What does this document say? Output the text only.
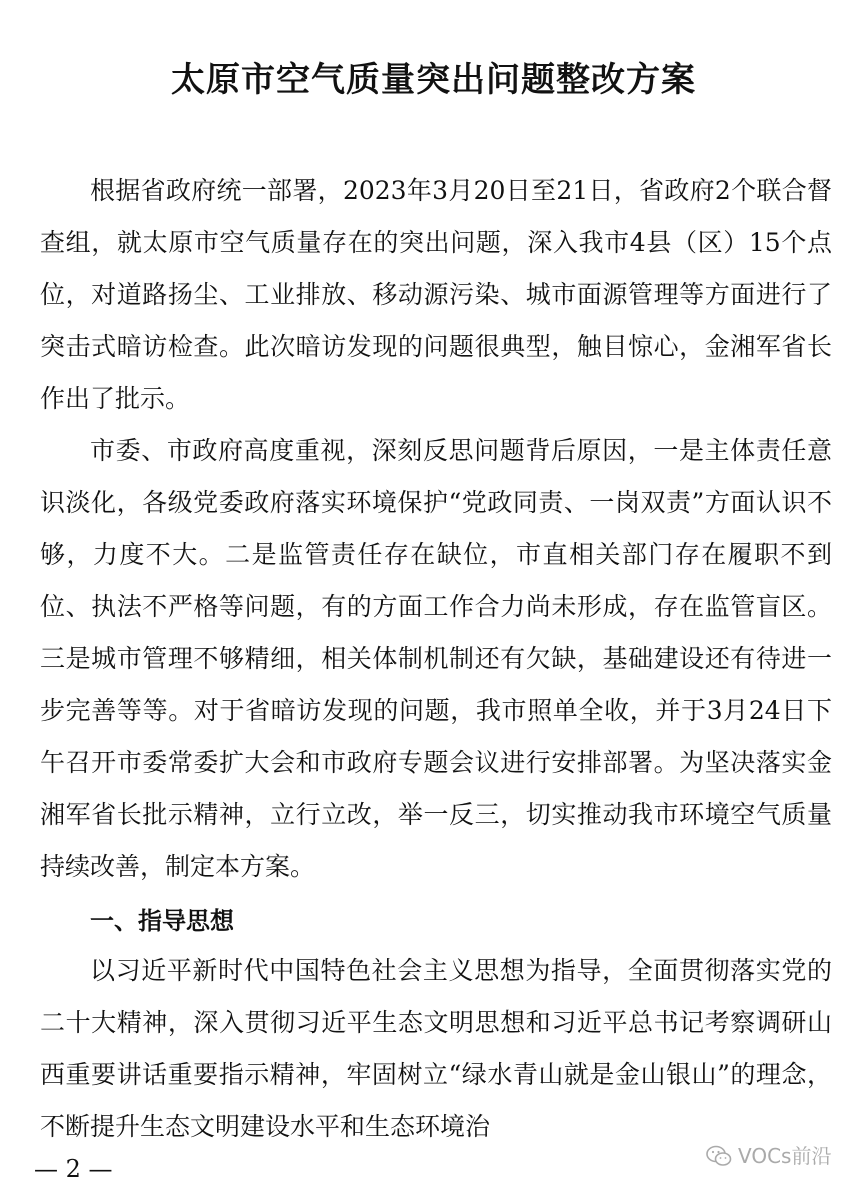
太原市空气质量突出问题整改方案

根据省政府统一部署，2023年3月20日至21日，省政府2个联合督查组，就太原市空气质量存在的突出问题，深入我市4县（区）15个点位，对道路扬尘、工业排放、移动源污染、城市面源管理等方面进行了突击式暗访检查。此次暗访发现的问题很典型，触目惊心，金湘军省长作出了批示。

市委、市政府高度重视，深刻反思问题背后原因，一是主体责任意识淡化，各级党委政府落实环境保护“党政同责、一岗双责”方面认识不够，力度不大。二是监管责任存在缺位，市直相关部门存在履职不到位、执法不严格等问题，有的方面工作合力尚未形成，存在监管盲区。三是城市管理不够精细，相关体制机制还有欠缺，基础建设还有待进一步完善等等。对于省暗访发现的问题，我市照单全收，并于3月24日下午召开市委常委扩大会和市政府专题会议进行安排部署。为坚决落实金湘军省长批示精神，立行立改，举一反三，切实推动我市环境空气质量持续改善，制定本方案。

一、指导思想

以习近平新时代中国特色社会主义思想为指导，全面贯彻落实党的二十大精神，深入贯彻习近平生态文明思想和习近平总书记考察调研山西重要讲话重要指示精神，牢固树立“绿水青山就是金山银山”的理念，不断提升生态文明建设水平和生态环境治

— 2 —	VOCs前沿
